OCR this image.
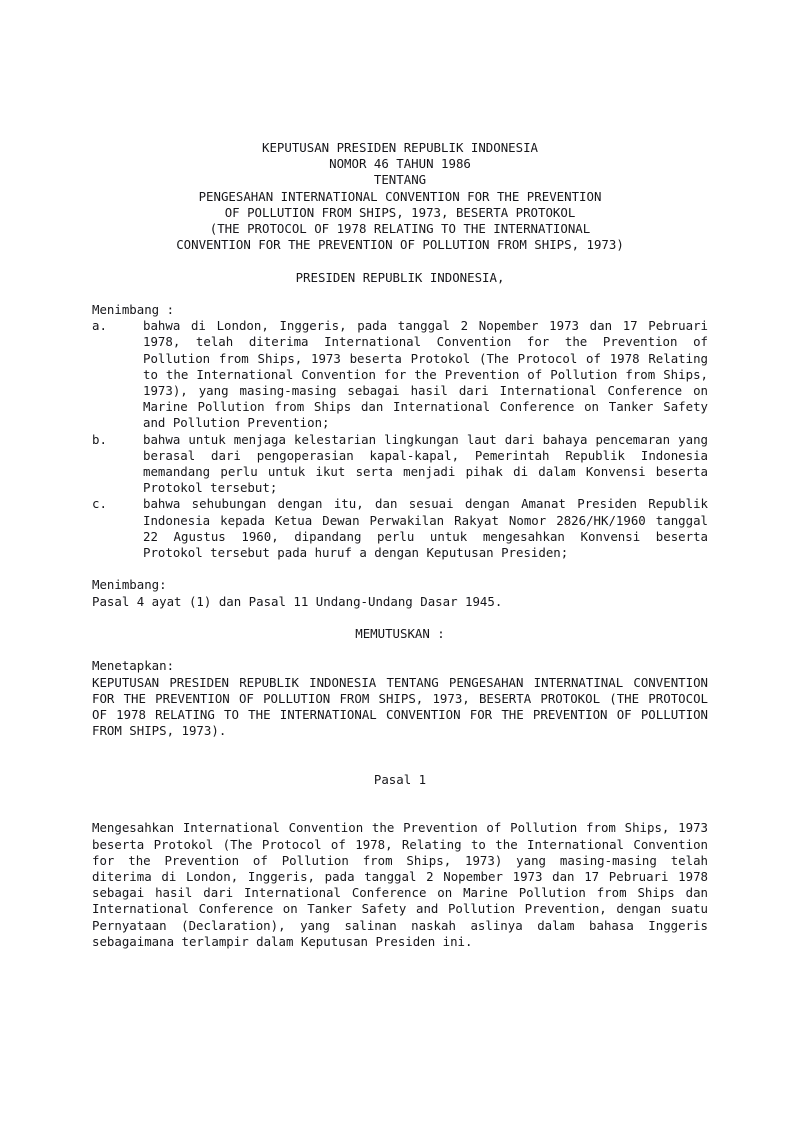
KEPUTUSAN PRESIDEN REPUBLIK INDONESIA
NOMOR 46 TAHUN 1986
TENTANG
PENGESAHAN INTERNATIONAL CONVENTION FOR THE PREVENTION
OF POLLUTION FROM SHIPS, 1973, BESERTA PROTOKOL
(THE PROTOCOL OF 1978 RELATING TO THE INTERNATIONAL
CONVENTION FOR THE PREVENTION OF POLLUTION FROM SHIPS, 1973)
PRESIDEN REPUBLIK INDONESIA,
Menimbang :
a.	bahwa di London, Inggeris, pada tanggal 2 Nopember 1973 dan 17 Pebruari 1978, telah diterima International Convention for the Prevention of Pollution from Ships, 1973 beserta Protokol (The Protocol of 1978 Relating to the International Convention for the Prevention of Pollution from Ships, 1973), yang masing-masing sebagai hasil dari International Conference on Marine Pollution from Ships dan International Conference on Tanker Safety and Pollution Prevention;
b.	bahwa untuk menjaga kelestarian lingkungan laut dari bahaya pencemaran yang berasal dari pengoperasian kapal-kapal, Pemerintah Republik Indonesia memandang perlu untuk ikut serta menjadi pihak di dalam Konvensi beserta Protokol tersebut;
c.	bahwa sehubungan dengan itu, dan sesuai dengan Amanat Presiden Republik Indonesia kepada Ketua Dewan Perwakilan Rakyat Nomor 2826/HK/1960 tanggal 22 Agustus 1960, dipandang perlu untuk mengesahkan Konvensi beserta Protokol tersebut pada huruf a dengan Keputusan Presiden;
Menimbang:
Pasal 4 ayat (1) dan Pasal 11 Undang-Undang Dasar 1945.
MEMUTUSKAN :
Menetapkan:
KEPUTUSAN PRESIDEN REPUBLIK INDONESIA TENTANG PENGESAHAN INTERNATINAL CONVENTION FOR THE PREVENTION OF POLLUTION FROM SHIPS, 1973, BESERTA PROTOKOL (THE PROTOCOL OF 1978 RELATING TO THE INTERNATIONAL CONVENTION FOR THE PREVENTION OF POLLUTION FROM SHIPS, 1973).
Pasal 1
Mengesahkan International Convention the Prevention of Pollution from Ships, 1973 beserta Protokol (The Protocol of 1978, Relating to the International Convention for the Prevention of Pollution from Ships, 1973) yang masing-masing telah diterima di London, Inggeris, pada tanggal 2 Nopember 1973 dan 17 Pebruari 1978 sebagai hasil dari International Conference on Marine Pollution from Ships dan International Conference on Tanker Safety and Pollution Prevention, dengan suatu Pernyataan (Declaration), yang salinan naskah aslinya dalam bahasa Inggeris sebagaimana terlampir dalam Keputusan Presiden ini.
